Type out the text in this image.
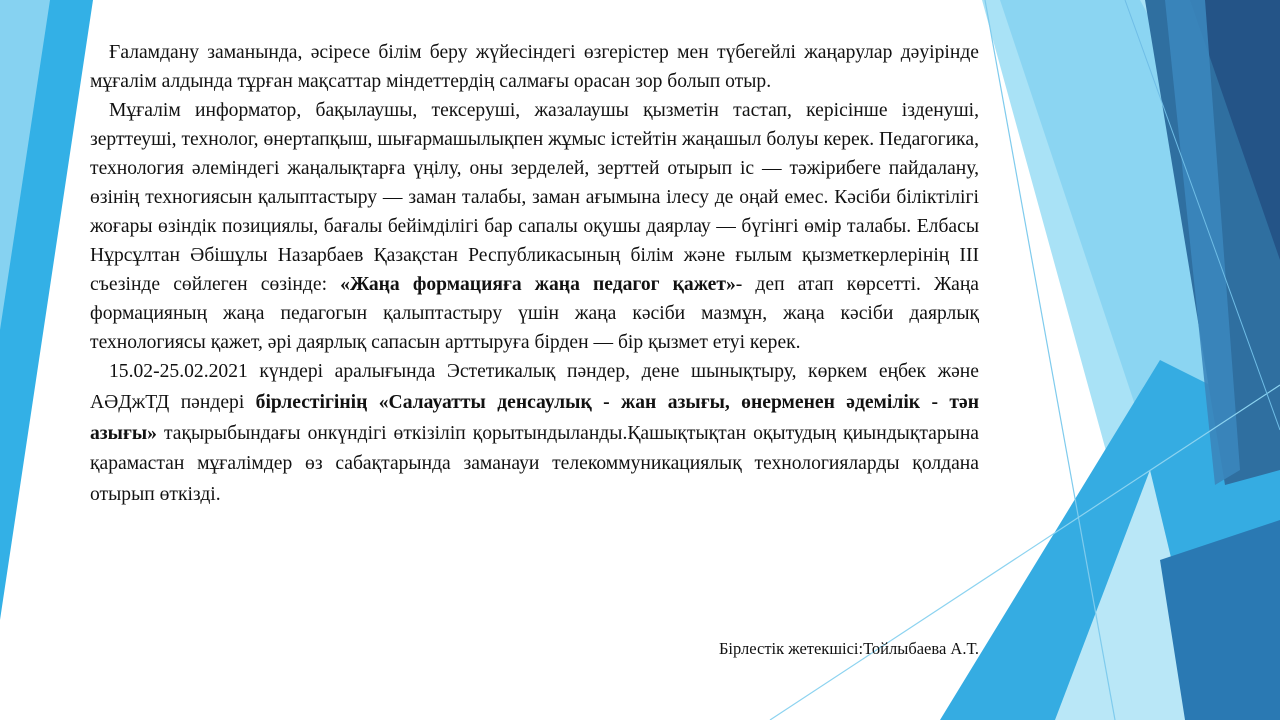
Ғаламдану заманында, әсіресе білім беру жүйесіндегі өзгерістер мен түбегейлі жаңарулар дәуірінде мұғалім алдында тұрған мақсаттар міндеттердің салмағы орасан зор болып отыр.

Мұғалім информатор, бақылаушы, тексеруші, жазалаушы қызметін тастап, керісінше ізденуші, зерттеуші, технолог, өнертапқыш, шығармашылықпен жұмыс істейтін жаңашыл болуы керек. Педагогика, технология әлеміндегі жаңалықтарға үңілу, оны зерделей, зерттей отырып іс — тәжірибеге пайдалану, өзінің техногиясын қалыптастыру — заман талабы, заман ағымына ілесу де оңай емес. Кәсіби біліктілігі жоғары өзіндік позициялы, бағалы бейімділігі бар сапалы оқушы даярлау — бүгінгі өмір талабы. Елбасы Нұрсұлтан Әбішұлы Назарбаев Қазақстан Республикасының білім және ғылым қызметкерлерінің ІІІ съезінде сөйлеген сөзінде: «Жаңа формацияға жаңа педагог қажет»- деп атап көрсетті. Жаңа формацияның жаңа педагогын қалыптастыру үшін жаңа кәсіби мазмұн, жаңа кәсіби даярлық технологиясы қажет, әрі даярлық сапасын арттыруға бірден — бір қызмет етуі керек.

15.02-25.02.2021 күндері аралығында Эстетикалық пәндер, дене шынықтыру, көркем еңбек және АӘДжТД пәндері бірлестігінің «Салауатты денсаулық - жан азығы, өнерменен әдемілік - тән азығы» тақырыбындағы онкүндігі өткізіліп қорытындыланды.Қашықтықтан оқытудың қиындықтарына қарамастан мұғалімдер өз сабақтарында заманауи телекоммуникациялық технологияларды қолдана отырып өткізді.

Бірлестік жетекшісі:Тойлыбаева А.Т.
